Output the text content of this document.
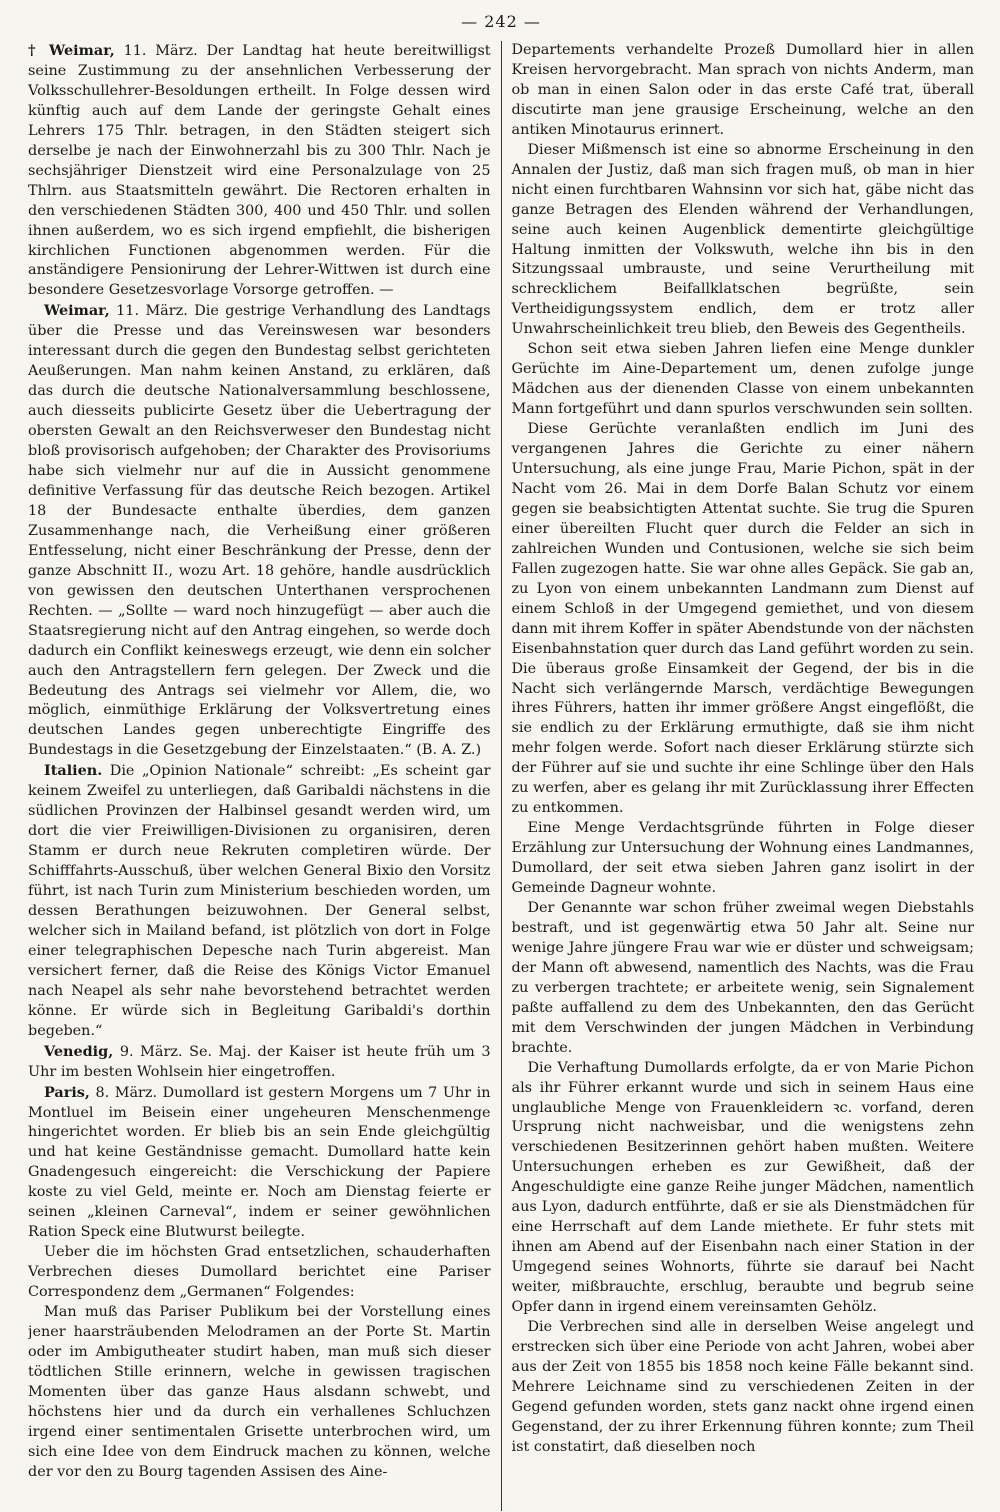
— 242 —

† Weimar, 11. März. Der Landtag hat heute bereitwilligst seine Zustimmung zu der ansehnlichen Verbesserung der Volksschullehrer-Besoldungen ertheilt. In Folge dessen wird künftig auch auf dem Lande der geringste Gehalt eines Lehrers 175 Thlr. betragen, in den Städten steigert sich derselbe je nach der Einwohnerzahl bis zu 300 Thlr. Nach je sechsjähriger Dienstzeit wird eine Personalzulage von 25 Thlrn. aus Staatsmitteln gewährt. Die Rectoren erhalten in den verschiedenen Städten 300, 400 und 450 Thlr. und sollen ihnen außerdem, wo es sich irgend empfiehlt, die bisherigen kirchlichen Functionen abgenommen werden. Für die anständigere Pensionirung der Lehrer-Wittwen ist durch eine besondere Gesetzesvorlage Vorsorge getroffen. —

Weimar, 11. März. Die gestrige Verhandlung des Landtags über die Presse und das Vereinswesen war besonders interessant durch die gegen den Bundestag selbst gerichteten Aeußerungen. Man nahm keinen Anstand, zu erklären, daß das durch die deutsche Nationalversammlung beschlossene, auch diesseits publicirte Gesetz über die Uebertragung der obersten Gewalt an den Reichsverweser den Bundestag nicht bloß provisorisch aufgehoben; der Charakter des Provisoriums habe sich vielmehr nur auf die in Aussicht genommene definitive Verfassung für das deutsche Reich bezogen. Artikel 18 der Bundesacte enthalte überdies, dem ganzen Zusammenhange nach, die Verheißung einer größeren Entfesselung, nicht einer Beschränkung der Presse, denn der ganze Abschnitt II., wozu Art. 18 gehöre, handle ausdrücklich von gewissen den deutschen Unterthanen versprochenen Rechten. — „Sollte — ward noch hinzugefügt — aber auch die Staatsregierung nicht auf den Antrag eingehen, so werde doch dadurch ein Conflikt keineswegs erzeugt, wie denn ein solcher auch den Antragstellern fern gelegen. Der Zweck und die Bedeutung des Antrags sei vielmehr vor Allem, die, wo möglich, einmüthige Erklärung der Volksvertretung eines deutschen Landes gegen unberechtigte Eingriffe des Bundestags in die Gesetzgebung der Einzelstaaten.“ (B. A. Z.)

Italien. Die „Opinion Nationale“ schreibt: „Es scheint gar keinem Zweifel zu unterliegen, daß Garibaldi nächstens in die südlichen Provinzen der Halbinsel gesandt werden wird, um dort die vier Freiwilligen-Divisionen zu organisiren, deren Stamm er durch neue Rekruten completiren würde. Der Schifffahrts-Ausschuß, über welchen General Bixio den Vorsitz führt, ist nach Turin zum Ministerium beschieden worden, um dessen Berathungen beizuwohnen. Der General selbst, welcher sich in Mailand befand, ist plötzlich von dort in Folge einer telegraphischen Depesche nach Turin abgereist. Man versichert ferner, daß die Reise des Königs Victor Emanuel nach Neapel als sehr nahe bevorstehend betrachtet werden könne. Er würde sich in Begleitung Garibaldi's dorthin begeben.“

Venedig, 9. März. Se. Maj. der Kaiser ist heute früh um 3 Uhr im besten Wohlsein hier eingetroffen.

Paris, 8. März. Dumollard ist gestern Morgens um 7 Uhr in Montluel im Beisein einer ungeheuren Menschenmenge hingerichtet worden. Er blieb bis an sein Ende gleichgültig und hat keine Geständnisse gemacht. Dumollard hatte kein Gnadengesuch eingereicht: die Verschickung der Papiere koste zu viel Geld, meinte er. Noch am Dienstag feierte er seinen „kleinen Carneval“, indem er seiner gewöhnlichen Ration Speck eine Blutwurst beilegte.

Ueber die im höchsten Grad entsetzlichen, schauderhaften Verbrechen dieses Dumollard berichtet eine Pariser Correspondenz dem „Germanen“ Folgendes:

Man muß das Pariser Publikum bei der Vorstellung eines jener haarsträubenden Melodramen an der Porte St. Martin oder im Ambigutheater studirt haben, man muß sich dieser tödtlichen Stille erinnern, welche in gewissen tragischen Momenten über das ganze Haus alsdann schwebt, und höchstens hier und da durch ein verhallenes Schluchzen irgend einer sentimentalen Grisette unterbrochen wird, um sich eine Idee von dem Eindruck machen zu können, welche der vor den zu Bourg tagenden Assisen des Aine-

Departements verhandelte Prozeß Dumollard hier in allen Kreisen hervorgebracht. Man sprach von nichts Anderm, man ob man in einen Salon oder in das erste Café trat, überall discutirte man jene grausige Erscheinung, welche an den antiken Minotaurus erinnert.

Dieser Mißmensch ist eine so abnorme Erscheinung in den Annalen der Justiz, daß man sich fragen muß, ob man in hier nicht einen furchtbaren Wahnsinn vor sich hat, gäbe nicht das ganze Betragen des Elenden während der Verhandlungen, seine auch keinen Augenblick dementirte gleichgültige Haltung inmitten der Volkswuth, welche ihn bis in den Sitzungssaal umbrauste, und seine Verurtheilung mit schrecklichem Beifallklatschen begrüßte, sein Vertheidigungssystem endlich, dem er trotz aller Unwahrscheinlichkeit treu blieb, den Beweis des Gegentheils.

Schon seit etwa sieben Jahren liefen eine Menge dunkler Gerüchte im Aine-Departement um, denen zufolge junge Mädchen aus der dienenden Classe von einem unbekannten Mann fortgeführt und dann spurlos verschwunden sein sollten.

Diese Gerüchte veranlaßten endlich im Juni des vergangenen Jahres die Gerichte zu einer nähern Untersuchung, als eine junge Frau, Marie Pichon, spät in der Nacht vom 26. Mai in dem Dorfe Balan Schutz vor einem gegen sie beabsichtigten Attentat suchte. Sie trug die Spuren einer übereilten Flucht quer durch die Felder an sich in zahlreichen Wunden und Contusionen, welche sie sich beim Fallen zugezogen hatte. Sie war ohne alles Gepäck. Sie gab an, zu Lyon von einem unbekannten Landmann zum Dienst auf einem Schloß in der Umgegend gemiethet, und von diesem dann mit ihrem Koffer in später Abendstunde von der nächsten Eisenbahnstation quer durch das Land geführt worden zu sein. Die überaus große Einsamkeit der Gegend, der bis in die Nacht sich verlängernde Marsch, verdächtige Bewegungen ihres Führers, hatten ihr immer größere Angst eingeflößt, die sie endlich zu der Erklärung ermuthigte, daß sie ihm nicht mehr folgen werde. Sofort nach dieser Erklärung stürzte sich der Führer auf sie und suchte ihr eine Schlinge über den Hals zu werfen, aber es gelang ihr mit Zurücklassung ihrer Effecten zu entkommen.

Eine Menge Verdachtsgründe führten in Folge dieser Erzählung zur Untersuchung der Wohnung eines Landmannes, Dumollard, der seit etwa sieben Jahren ganz isolirt in der Gemeinde Dagneur wohnte.

Der Genannte war schon früher zweimal wegen Diebstahls bestraft, und ist gegenwärtig etwa 50 Jahr alt. Seine nur wenige Jahre jüngere Frau war wie er düster und schweigsam; der Mann oft abwesend, namentlich des Nachts, was die Frau zu verbergen trachtete; er arbeitete wenig, sein Signalement paßte auffallend zu dem des Unbekannten, den das Gerücht mit dem Verschwinden der jungen Mädchen in Verbindung brachte.

Die Verhaftung Dumollards erfolgte, da er von Marie Pichon als ihr Führer erkannt wurde und sich in seinem Haus eine unglaubliche Menge von Frauenkleidern ꝛc. vorfand, deren Ursprung nicht nachweisbar, und die wenigstens zehn verschiedenen Besitzerinnen gehört haben mußten. Weitere Untersuchungen erheben es zur Gewißheit, daß der Angeschuldigte eine ganze Reihe junger Mädchen, namentlich aus Lyon, dadurch entführte, daß er sie als Dienstmädchen für eine Herrschaft auf dem Lande miethete. Er fuhr stets mit ihnen am Abend auf der Eisenbahn nach einer Station in der Umgegend seines Wohnorts, führte sie darauf bei Nacht weiter, mißbrauchte, erschlug, beraubte und begrub seine Opfer dann in irgend einem vereinsamten Gehölz.

Die Verbrechen sind alle in derselben Weise angelegt und erstrecken sich über eine Periode von acht Jahren, wobei aber aus der Zeit von 1855 bis 1858 noch keine Fälle bekannt sind. Mehrere Leichname sind zu verschiedenen Zeiten in der Gegend gefunden worden, stets ganz nackt ohne irgend einen Gegenstand, der zu ihrer Erkennung führen konnte; zum Theil ist constatirt, daß dieselben noch
